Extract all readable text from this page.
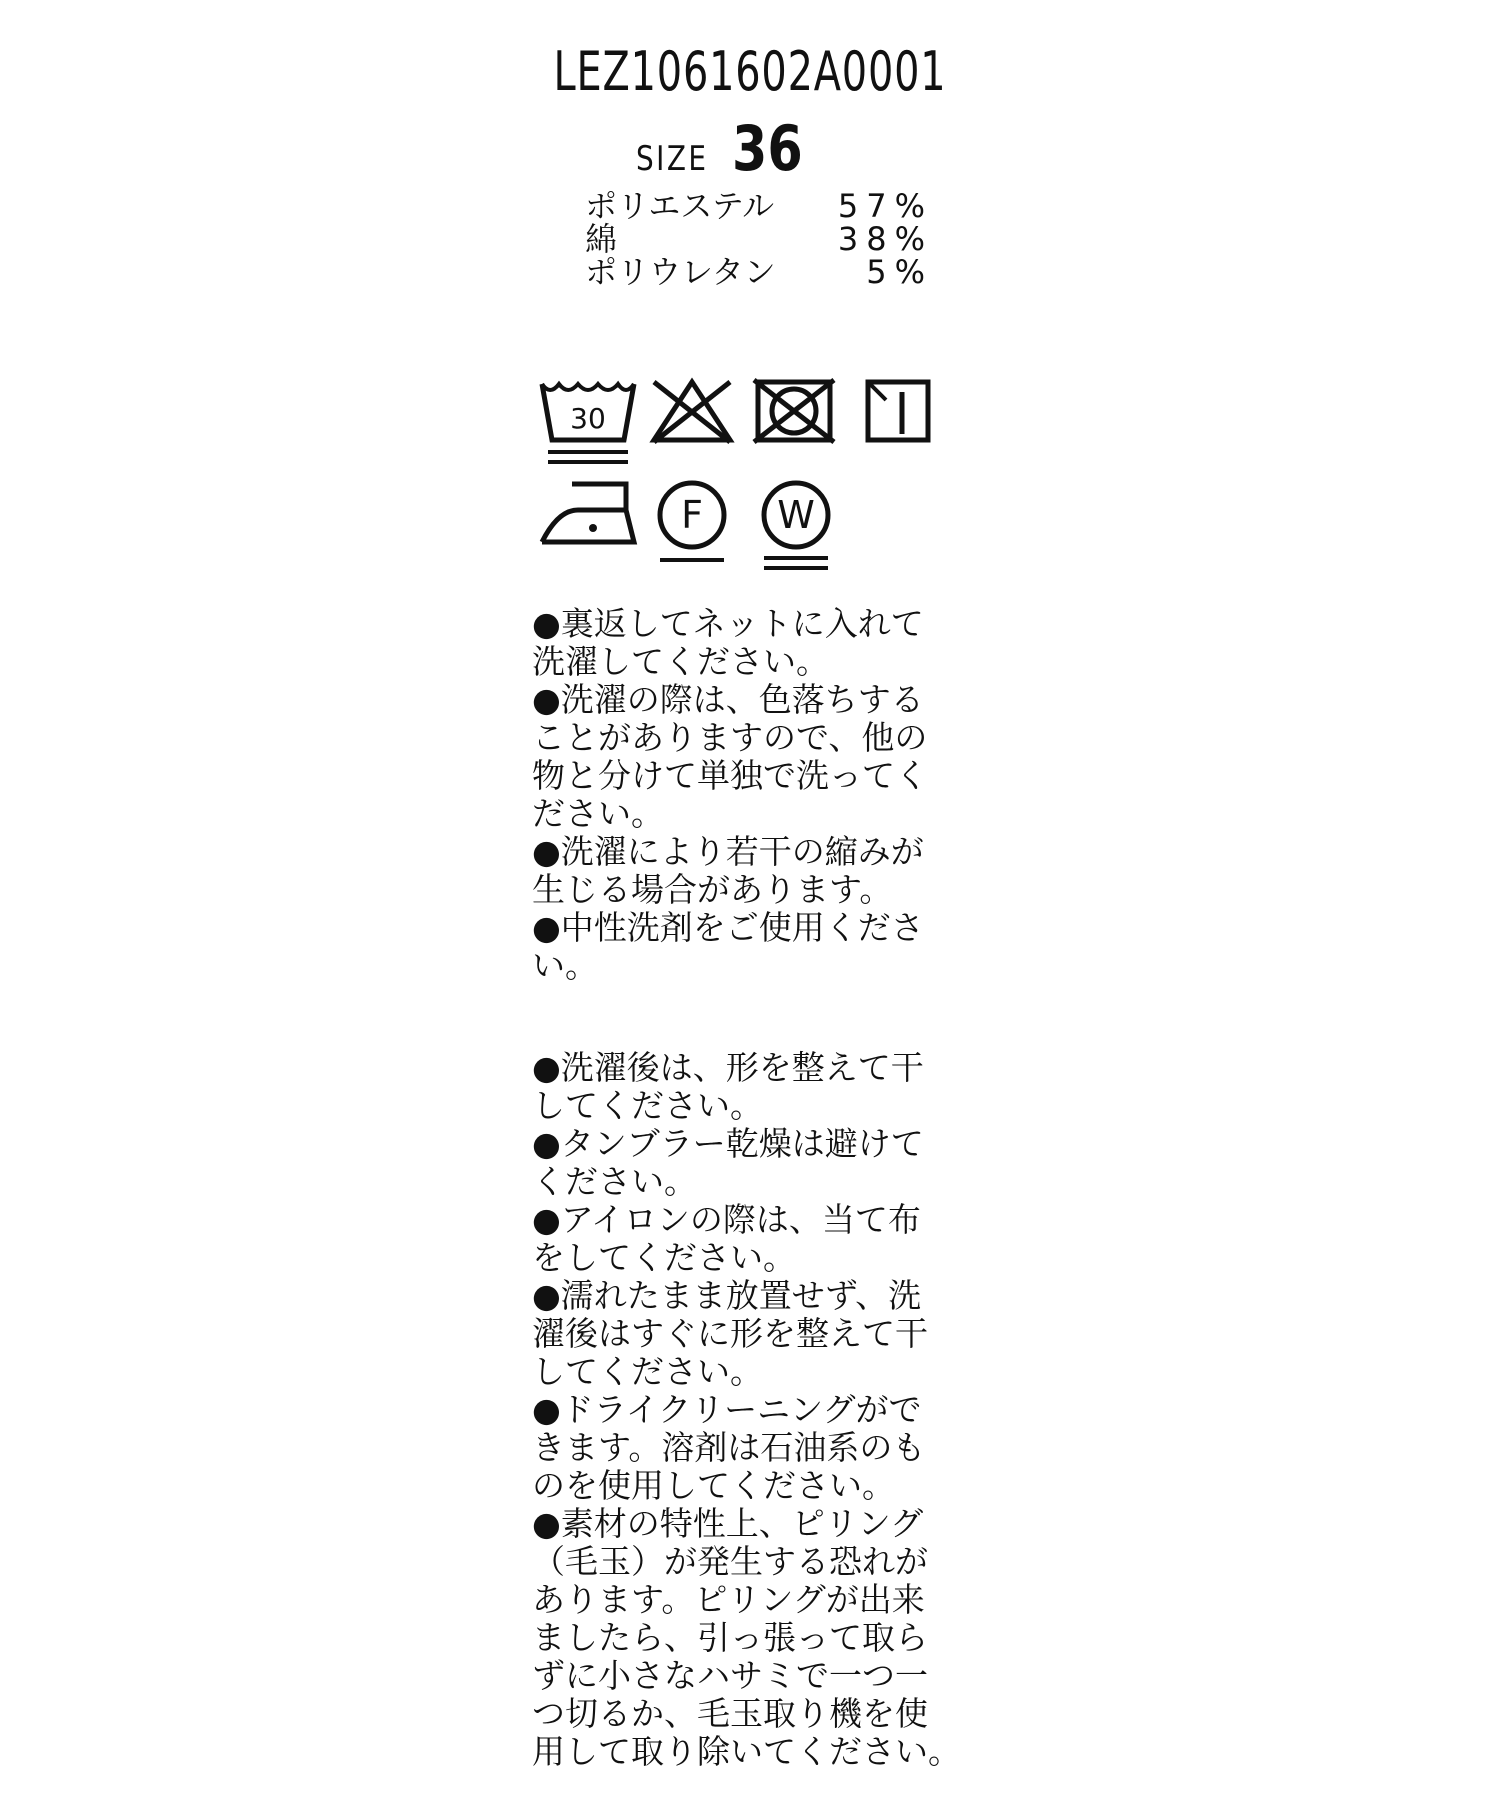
LEZ1061602A0001
SIZE 36
ポリエステル 57%
綿	38%
ポリウレタン	5%
30
F W

●裏返してネットに入れて

洗濯してください。

●洗濯の際は、色落ちする

ことがありますので、他の

物と分けて単独で洗ってく

ださい。

●洗濯により若干の縮みが

生じる場合があります。

●中性洗剤をご使用くださ

い。

●洗濯後は、形を整えて干

してください。

●タンブラー乾燥は避けて

ください。

●アイロンの際は、当て布

をしてください。

●濡れたまま放置せず、洗

濯後はすぐに形を整えて干

してください。

●ドライクリーニングがで

きます。溶剤は石油系のも

のを使用してください。

●素材の特性上、ピリング

（毛玉）が発生する恐れが

あります。ピリングが出来

ましたら、引っ張って取ら

ずに小さなハサミで一つ一

つ切るか、毛玉取り機を使

用して取り除いてください。
